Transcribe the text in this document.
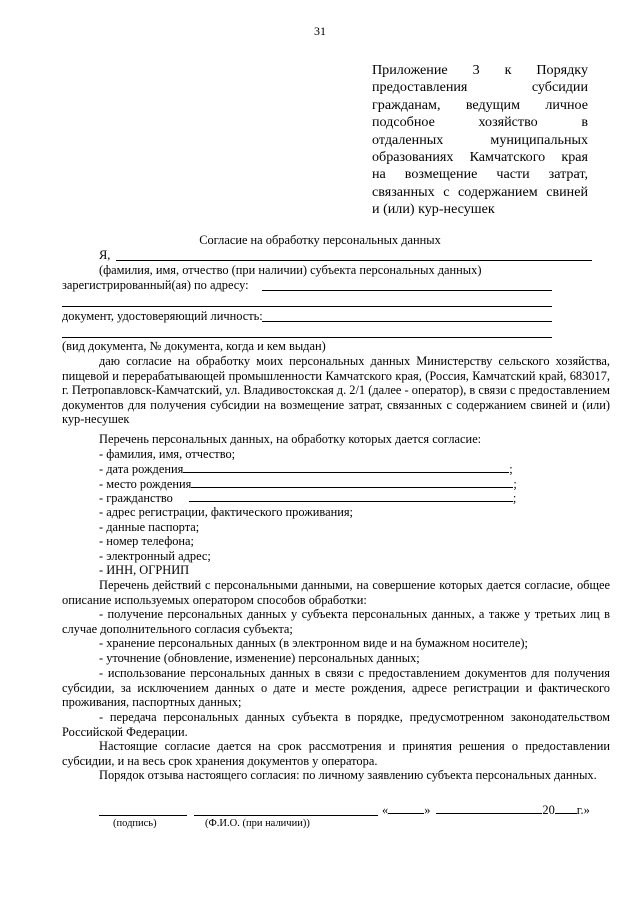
31
Приложение 3 к Порядку
предоставления субсидии
гражданам, ведущим личное
подсобное хозяйство в
отдаленных муниципальных
образованиях Камчатского края
на возмещение части затрат,
связанных с содержанием свиней
и (или) кур-несушек
Согласие на обработку персональных данных
Я,
(фамилия, имя, отчество (при наличии) субъекта персональных данных)
зарегистрированный(ая) по адресу:
документ, удостоверяющий личность:
(вид документа, № документа, когда и кем выдан)
даю согласие на обработку моих персональных данных Министерству сельского хозяйства, пищевой и перерабатывающей промышленности Камчатского края, (Россия, Камчатский край, 683017, г. Петропавловск-Камчатский, ул. Владивостокская д. 2/1 (далее - оператор), в связи с предоставлением документов для получения субсидии на возмещение затрат, связанных с содержанием свиней и (или) кур-несушек
Перечень персональных данных, на обработку которых дается согласие:
- фамилия, имя, отчество;
- дата рождения	;
- место рождения	;
- гражданство	;
- адрес регистрации, фактического проживания;
- данные паспорта;
- номер телефона;
- электронный адрес;
- ИНН, ОГРНИП
Перечень действий с персональными данными, на совершение которых дается согласие, общее описание используемых оператором способов обработки:
- получение персональных данных у субъекта персональных данных, а также у третьих лиц в случае дополнительного согласия субъекта;
- хранение персональных данных (в электронном виде и на бумажном носителе);
- уточнение (обновление, изменение) персональных данных;
- использование персональных данных в связи с предоставлением документов для получения субсидии, за исключением данных о дате и месте рождения, адресе регистрации и фактического проживания, паспортных данных;
- передача персональных данных субъекта в порядке, предусмотренном законодательством Российской Федерации.
Настоящие согласие дается на срок рассмотрения и принятия решения о предоставлении субсидии, и на весь срок хранения документов у оператора.
Порядок отзыва настоящего согласия: по личному заявлению субъекта персональных данных.
«	»	20 г.»
(подпись)	(Ф.И.О. (при наличии))
